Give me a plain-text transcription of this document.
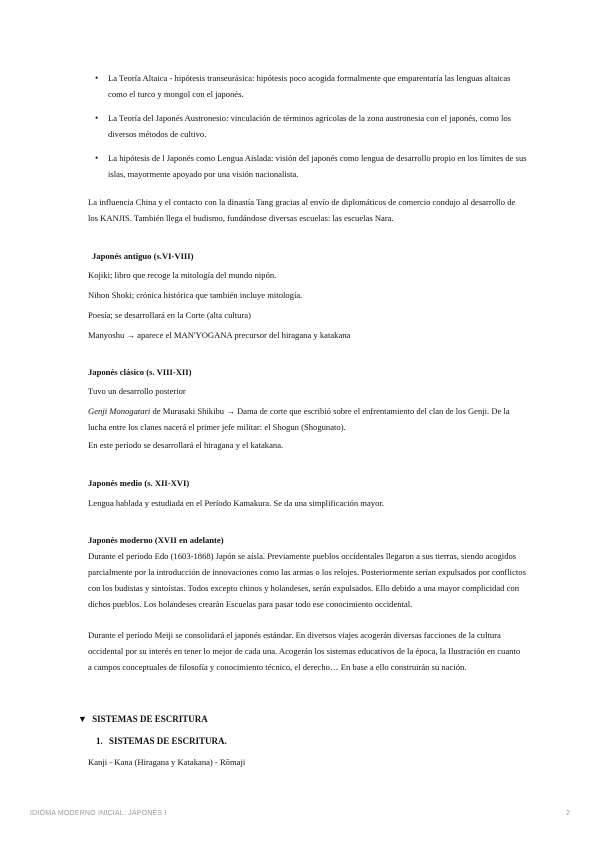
• La Teoría Altaica - hipótesis transeurásica: hipótesis poco acogida formalmente que emparentaría las lenguas altaicas como el turco y mongol con el japonés.
• La Teoría del Japonés Austronesio: vinculación de términos agrícolas de la zona austronesia con el japonés, como los diversos métodos de cultivo.
• La hipótesis de l Japonés como Lengua Aislada: visión del japonés como lengua de desarrollo propio en los límites de sus islas, mayormente apoyado por una visión nacionalista.

La influencia China y el contacto con la dinastía Tang gracias al envío de diplomáticos de comercio condujo al desarrollo de los KANJIS. También llega el budismo, fundándose diversas escuelas: las escuelas Nara.

Japonés antiguo (s.VI-VIII)

Kojiki; libro que recoge la mitología del mundo nipón.

Nihon Shoki; crónica histórica que también incluye mitología.

Poesía; se desarrollará en la Corte (alta cultura)

Manyoshu → aparece el MAN'YOGANA precursor del hiragana y katakana

Japonés clásico (s. VIII-XII)

Tuvo un desarrollo posterior

Genji Monogatari de Murasaki Shikibu → Dama de corte que escribió sobre el enfrentamiento del clan de los Genji. De la lucha entre los clanes nacerá el primer jefe militar: el Shogun (Shogunato).

En este período se desarrollará el hiragana y el katakana.

Japonés medio (s. XII-XVI)

Lengua hablada y estudiada en el Período Kamakura. Se da una simplificación mayor.

Japonés moderno (XVII en adelante)

Durante el período Edo (1603-1868) Japón se aísla. Previamente pueblos occidentales llegaron a sus tierras, siendo acogidos parcialmente por la introducción de innovaciones como las armas o los relojes. Posteriormente serían expulsados por conflictos con los budistas y sintoístas. Todos excepto chinos y holandeses, serán expulsados. Ello debido a una mayor complicidad con dichos pueblos. Los holandeses crearán Escuelas para pasar todo ese conocimiento occidental.

Durante el período Meiji se consolidará el japonés estándar. En diversos viajes acogerán diversas facciones de la cultura occidental por su interés en tener lo mejor de cada una. Acogerán los sistemas educativos de la época, la Ilustración en cuanto a campos conceptuales de filosofía y conocimiento técnico, el derecho… En base a ello construirán su nación.

▼ SISTEMAS DE ESCRITURA
1. SISTEMAS DE ESCRITURA.

Kanji - Kana (Hiragana y Katakana) - Rōmaji

IDIOMA MODERNO INICIAL: JAPONÉS I	2
